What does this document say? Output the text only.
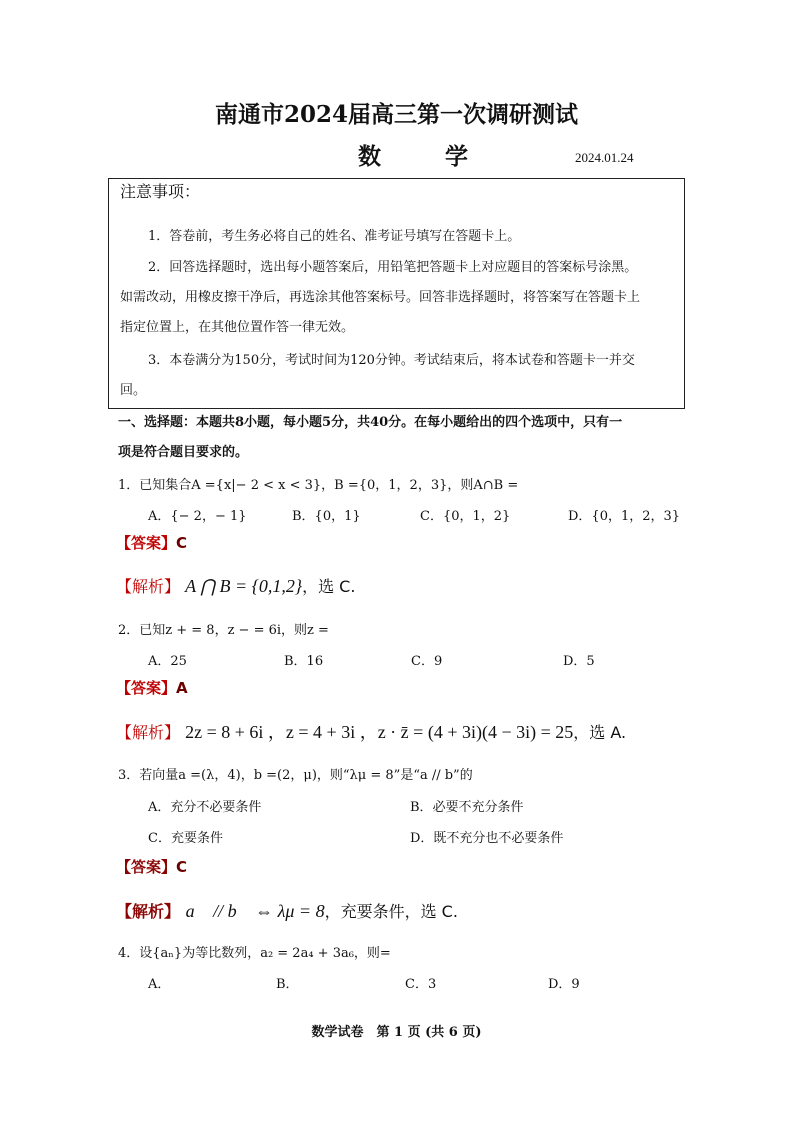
南通市2024届高三第一次调研测试
数 学	2024.01.24
注意事项：
1．答卷前，考生务必将自己的姓名、准考证号填写在答题卡上。
2．回答选择题时，选出每小题答案后，用铅笔把答题卡上对应题目的答案标号涂黑。
如需改动，用橡皮擦干净后，再选涂其他答案标号。回答非选择题时，将答案写在答题卡上
指定位置上，在其他位置作答一律无效。
3．本卷满分为150分，考试时间为120分钟。考试结束后，将本试卷和答题卡一并交
回。
一、选择题：本题共8小题，每小题5分，共40分。在每小题给出的四个选项中，只有一
项是符合题目要求的。
1．已知集合A ={x|− 2 < x < 3}，B ={0，1，2，3}，则A∩B =
A．{− 2，− 1}	B．{0，1}	C．{0，1，2}	D．{0，1，2，3}
【答案】C
【解析】 A ⋂ B = {0,1,2}，选 C.
2．已知z + = 8，z − = 6i，则z =
A．25	B．16	C．9	D．5
【答案】A
【解析】 2z = 8 + 6i ，z = 4 + 3i ，z · z̄ = (4 + 3i)(4 − 3i) = 25，选 A.
3．若向量a =(λ，4)，b =(2，μ)，则“λμ = 8”是“a // b”的
A．充分不必要条件	B．必要不充分条件
C．充要条件	D．既不充分也不必要条件
【答案】C
【解析】 a⃗ // b⃗ ⇔ λμ = 8，充要条件，选 C.
4．设{aₙ}为等比数列，a₂ = 2a₄ + 3a₆，则=
A．	B．	C．3	D．9
数学试卷　第 1 页 (共 6 页)
